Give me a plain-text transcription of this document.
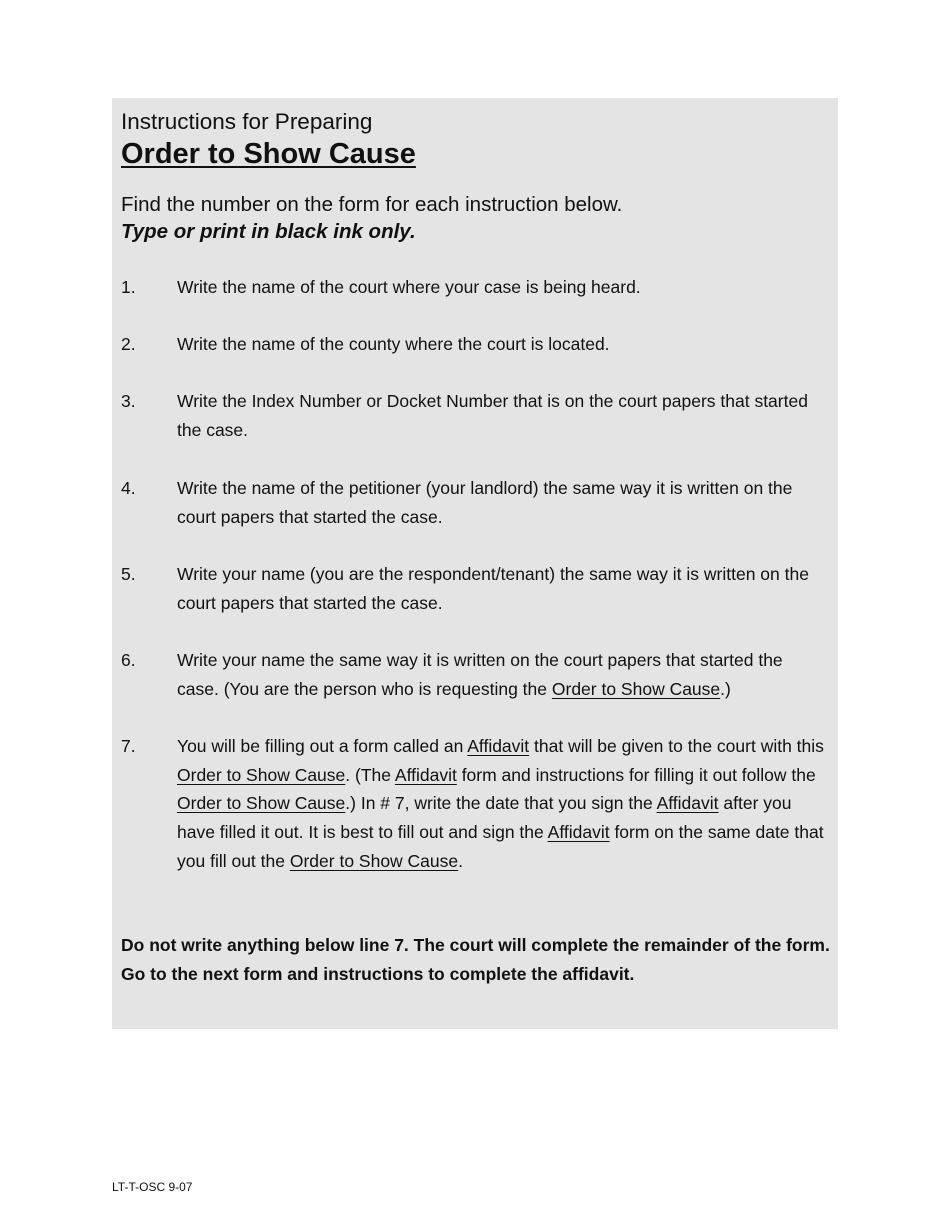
Instructions for Preparing
Order to Show Cause
Find the number on the form for each instruction below.
Type or print in black ink only.
1. Write the name of the court where your case is being heard.
2. Write the name of the county where the court is located.
3. Write the Index Number or Docket Number that is on the court papers that started the case.
4. Write the name of the petitioner (your landlord) the same way it is written on the court papers that started the case.
5. Write your name (you are the respondent/tenant) the same way it is written on the court papers that started the case.
6. Write your name the same way it is written on the court papers that started the case. (You are the person who is requesting the Order to Show Cause.)
7. You will be filling out a form called an Affidavit that will be given to the court with this Order to Show Cause. (The Affidavit form and instructions for filling it out follow the Order to Show Cause.) In # 7, write the date that you sign the Affidavit after you have filled it out. It is best to fill out and sign the Affidavit form on the same date that you fill out the Order to Show Cause.
Do not write anything below line 7. The court will complete the remainder of the form. Go to the next form and instructions to complete the affidavit.
LT-T-OSC 9-07
